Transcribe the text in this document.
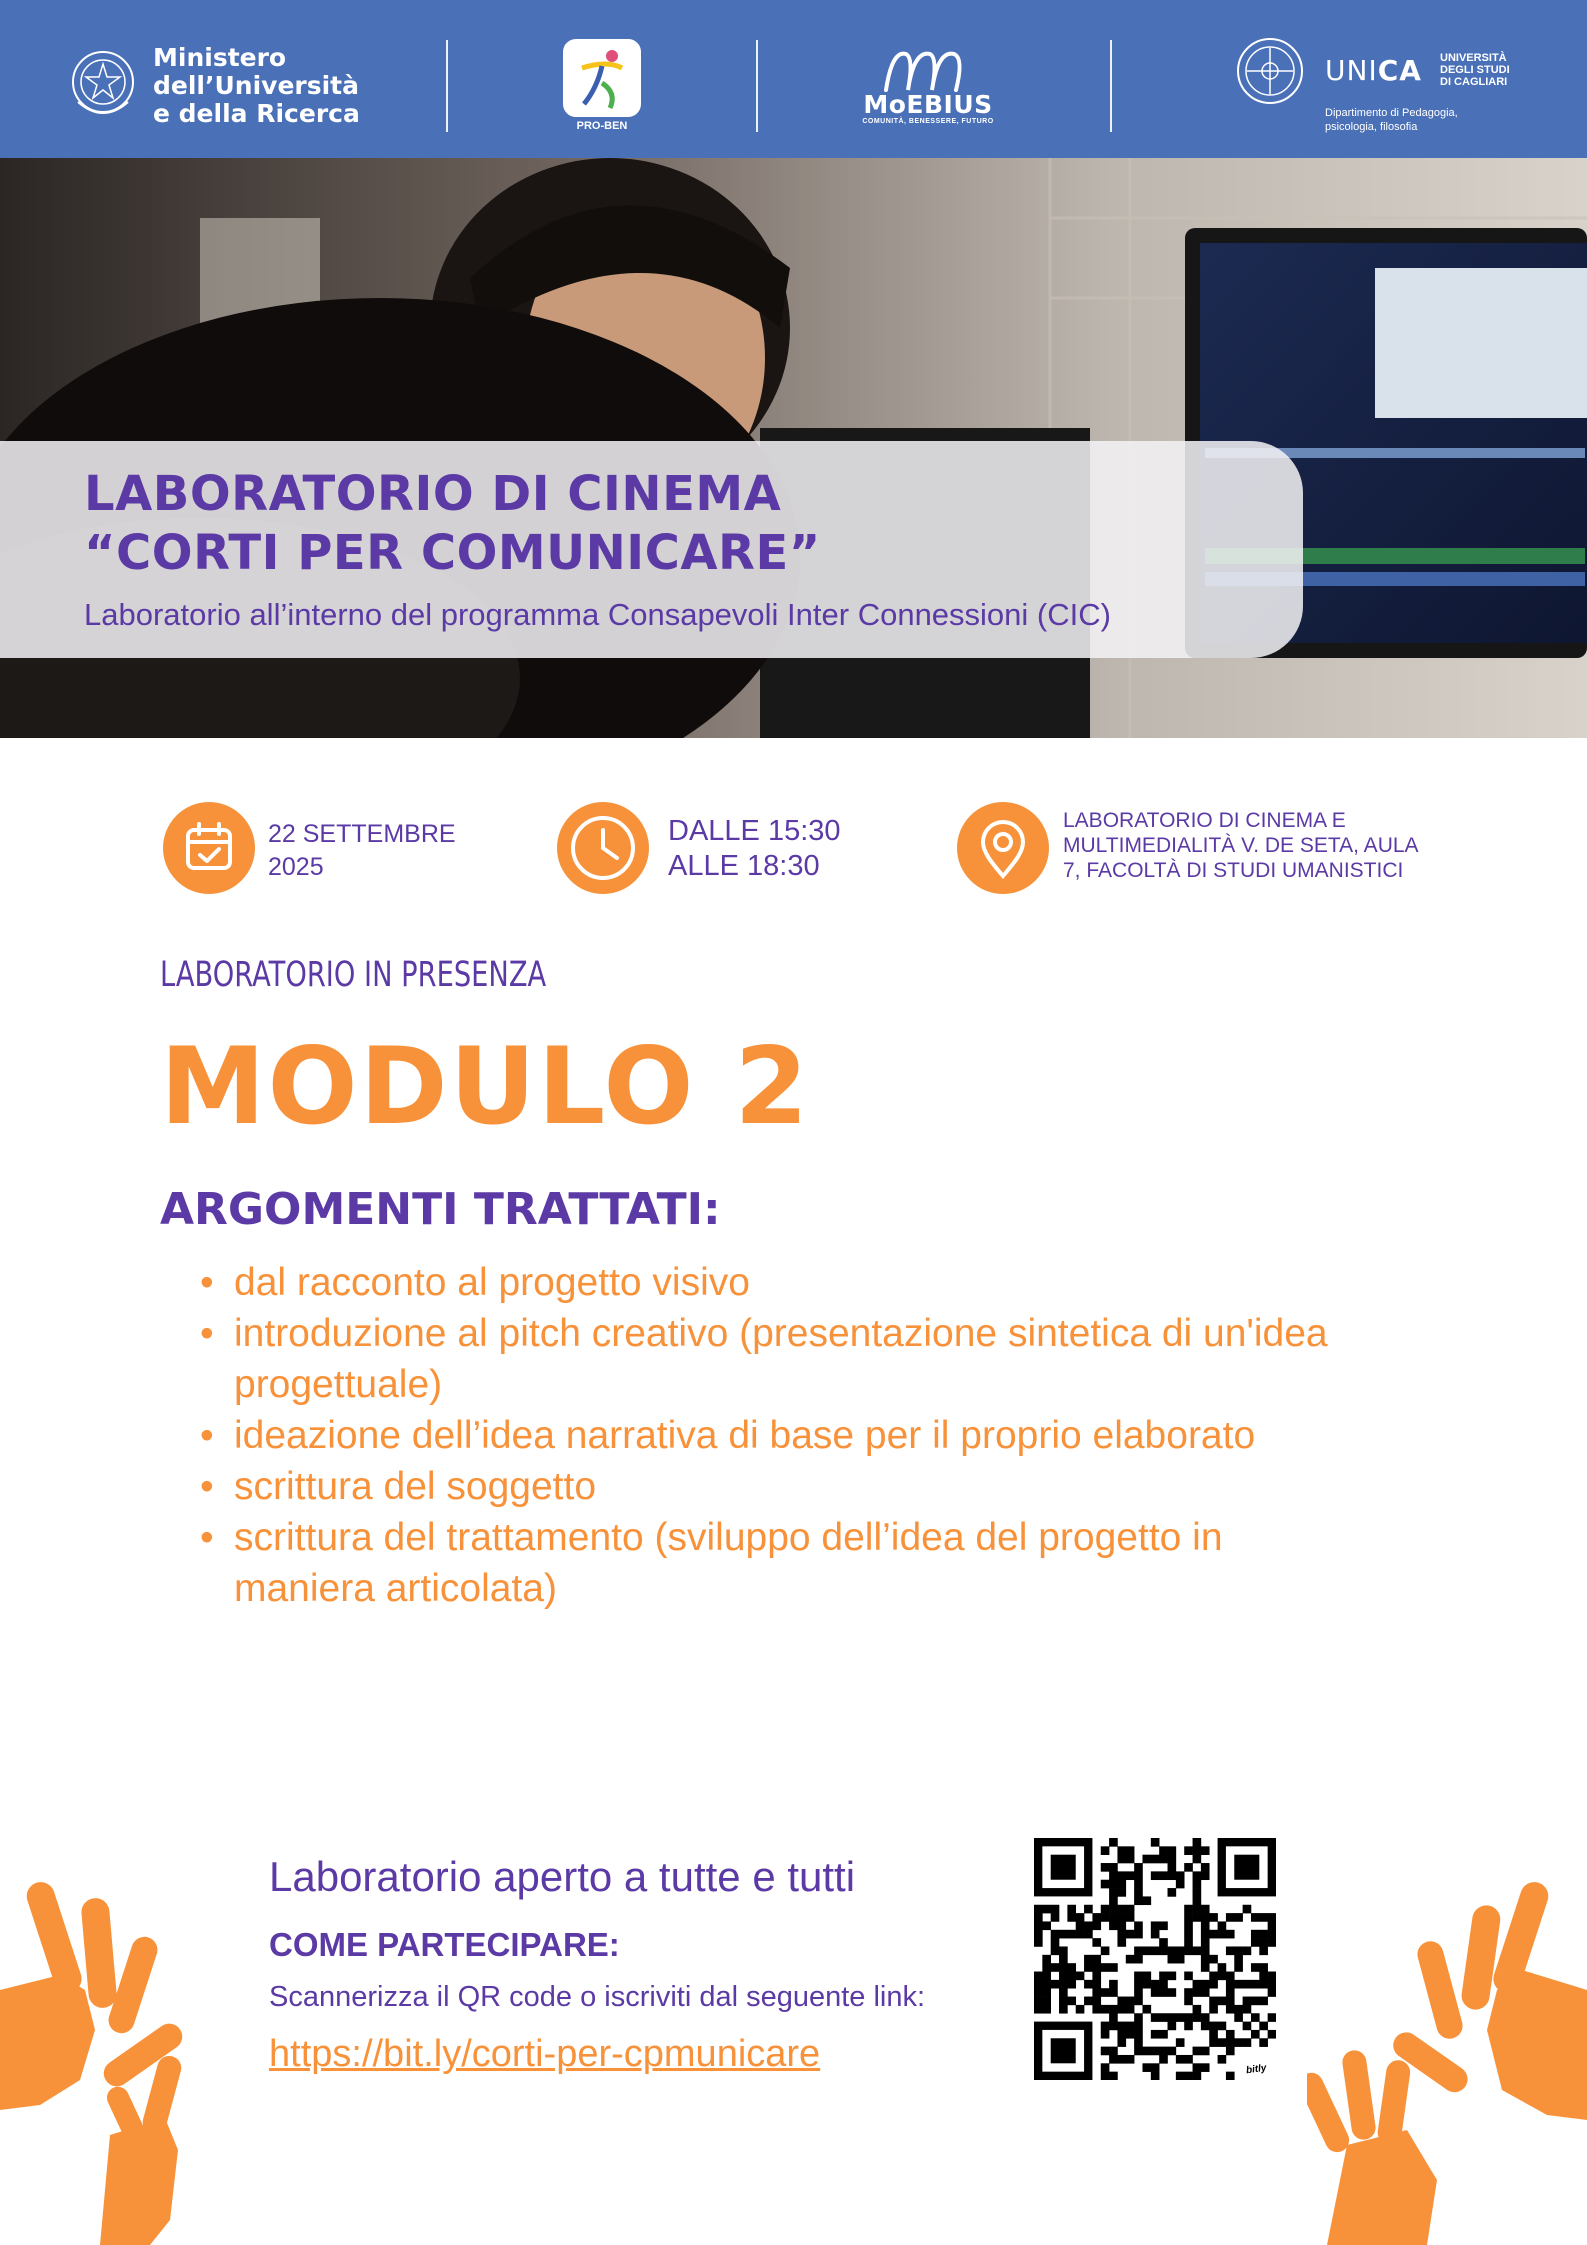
Ministero
dell’Università
e della Ricerca	PRO-BEN
MoEBIUS
COMUNITÀ, BENESSERE, FUTURO
UNICA UNIVERSITÀ
DEGLI STUDI
DI CAGLIARI
Dipartimento di Pedagogia,
psicologia, filosofia
LABORATORIO DI CINEMA
“CORTI PER COMUNICARE”
Laboratorio all’interno del programma Consapevoli Inter Connessioni (CIC)
22 SETTEMBRE
2025
DALLE 15:30
ALLE 18:30
LABORATORIO DI CINEMA E
MULTIMEDIALITÀ V. DE SETA, AULA
7, FACOLTÀ DI STUDI UMANISTICI
LABORATORIO IN PRESENZA
MODULO 2
ARGOMENTI TRATTATI:
• dal racconto al progetto visivo
• introduzione al pitch creativo (presentazione sintetica di un'idea progettuale)
• ideazione dell’idea narrativa di base per il proprio elaborato
• scrittura del soggetto
• scrittura del trattamento (sviluppo dell’idea del progetto in maniera articolata)
Laboratorio aperto a tutte e tutti
COME PARTECIPARE:
Scannerizza il QR code o iscriviti dal seguente link:
https://bit.ly/corti-per-cpmunicare	bitly
